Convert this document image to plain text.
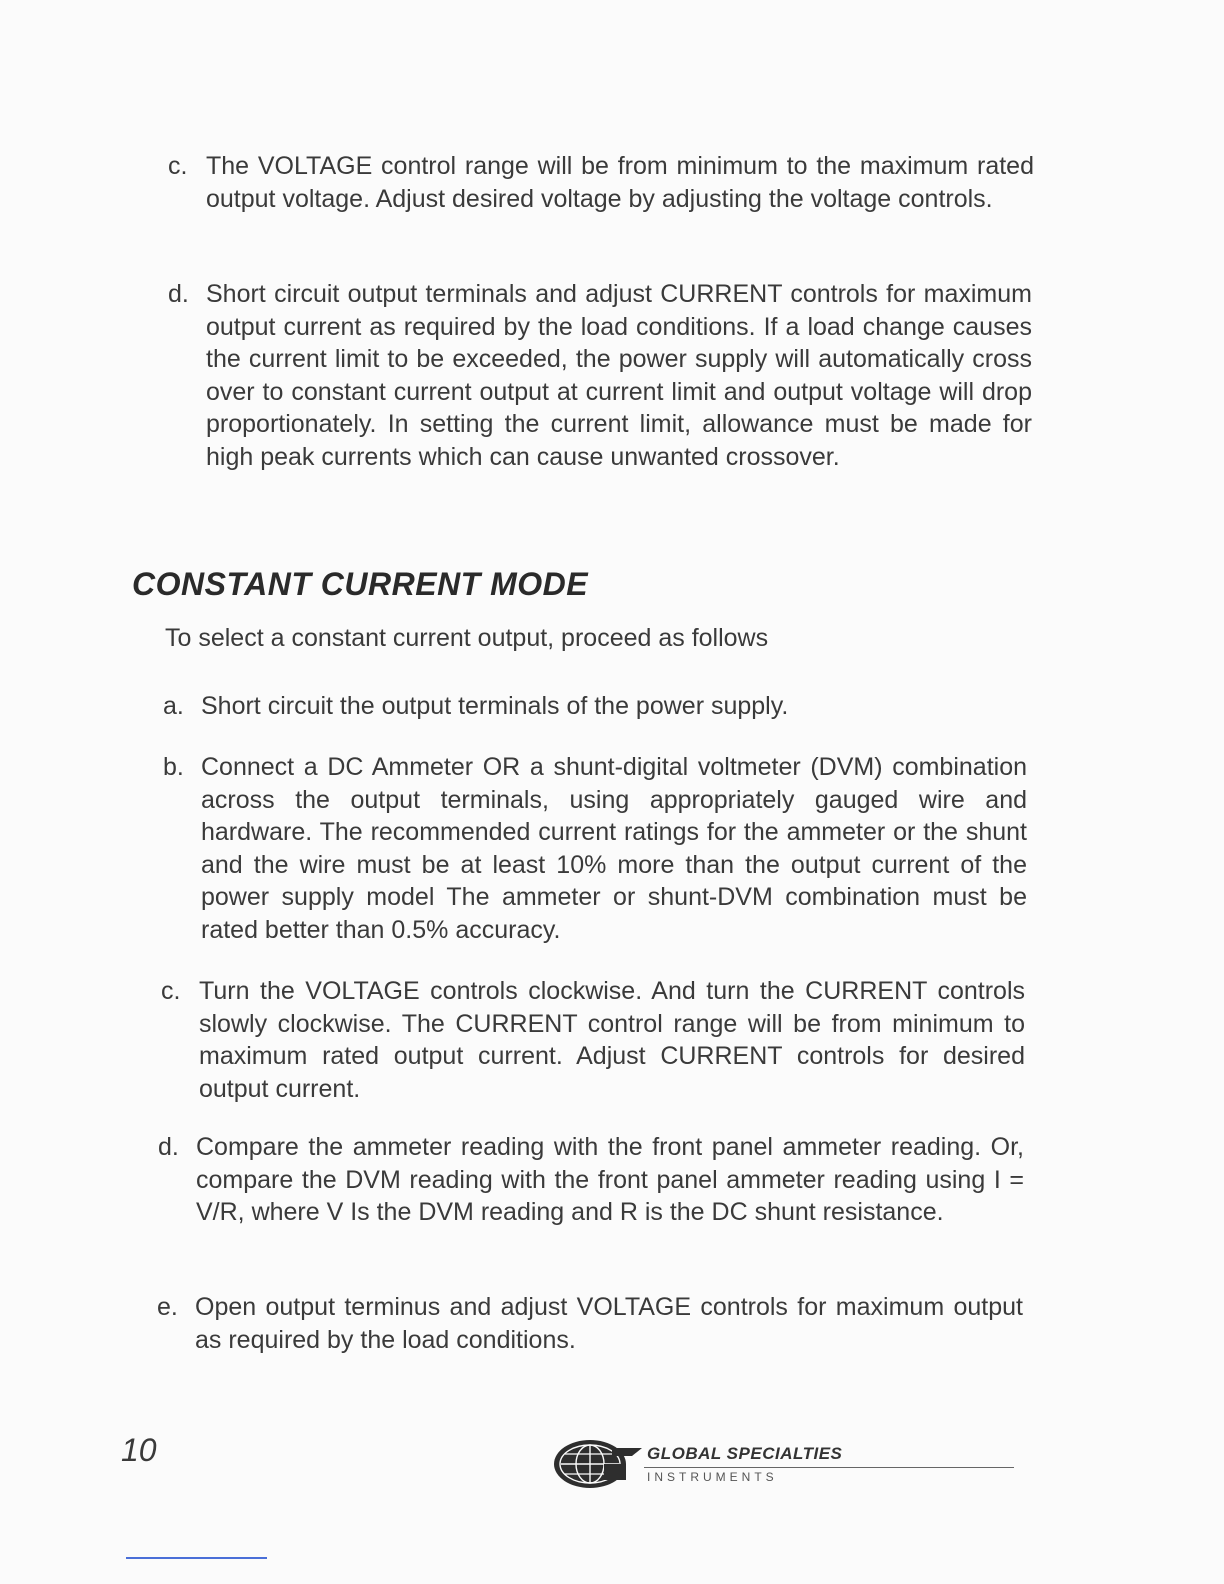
c. The VOLTAGE control range will be from minimum to the maximum rated output voltage. Adjust desired voltage by adjusting the voltage controls.
d. Short circuit output terminals and adjust CURRENT controls for maximum output current as required by the load conditions. If a load change causes the current limit to be exceeded, the power supply will automatically cross over to constant current output at current limit and output voltage will drop proportionately. In setting the current limit, allowance must be made for high peak currents which can cause unwanted crossover.
CONSTANT CURRENT MODE
To select a constant current output, proceed as follows
a. Short circuit the output terminals of the power supply.
b. Connect a DC Ammeter OR a shunt-digital voltmeter (DVM) combination across the output terminals, using appropriately gauged wire and hardware. The recommended current ratings for the ammeter or the shunt and the wire must be at least 10% more than the output current of the power supply model The ammeter or shunt-DVM combination must be rated better than 0.5% accuracy.
c. Turn the VOLTAGE controls clockwise. And turn the CURRENT controls slowly clockwise. The CURRENT control range will be from minimum to maximum rated output current. Adjust CURRENT controls for desired output current.
d. Compare the ammeter reading with the front panel ammeter reading. Or, compare the DVM reading with the front panel ammeter reading using I = V/R, where V Is the DVM reading and R is the DC shunt resistance.
e. Open output terminus and adjust VOLTAGE controls for maximum output as required by the load conditions.
10	GLOBAL SPECIALTIES
INSTRUMENTS
